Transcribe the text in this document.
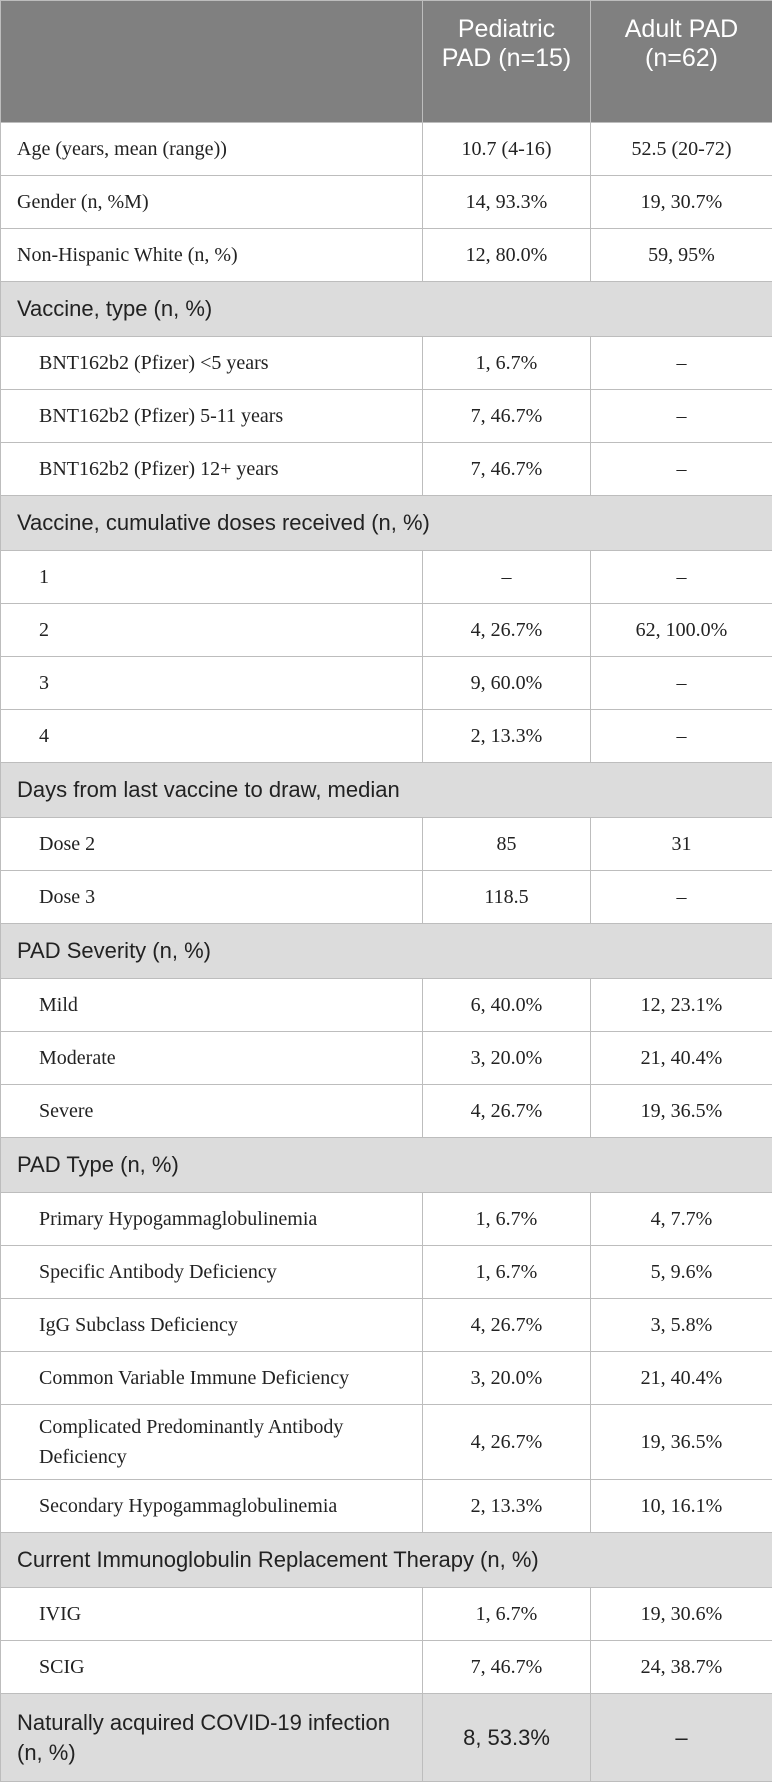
	Pediatric PAD (n=15)	Adult PAD (n=62)
Age (years, mean (range))	10.7 (4-16)	52.5 (20-72)
Gender (n, %M)	14, 93.3%	19, 30.7%
Non-Hispanic White (n, %)	12, 80.0%	59, 95%
Vaccine, type (n, %)		
BNT162b2 (Pfizer) <5 years	1, 6.7%	–
BNT162b2 (Pfizer) 5-11 years	7, 46.7%	–
BNT162b2 (Pfizer) 12+ years	7, 46.7%	–
Vaccine, cumulative doses received (n, %)		
1	–	–
2	4, 26.7%	62, 100.0%
3	9, 60.0%	–
4	2, 13.3%	–
Days from last vaccine to draw, median		
Dose 2	85	31
Dose 3	118.5	–
PAD Severity (n, %)		
Mild	6, 40.0%	12, 23.1%
Moderate	3, 20.0%	21, 40.4%
Severe	4, 26.7%	19, 36.5%
PAD Type (n, %)		
Primary Hypogammaglobulinemia	1, 6.7%	4, 7.7%
Specific Antibody Deficiency	1, 6.7%	5, 9.6%
IgG Subclass Deficiency	4, 26.7%	3, 5.8%
Common Variable Immune Deficiency	3, 20.0%	21, 40.4%
Complicated Predominantly Antibody Deficiency	4, 26.7%	19, 36.5%
Secondary Hypogammaglobulinemia	2, 13.3%	10, 16.1%
Current Immunoglobulin Replacement Therapy (n, %)		
IVIG	1, 6.7%	19, 30.6%
SCIG	7, 46.7%	24, 38.7%
Naturally acquired COVID-19 infection (n, %)	8, 53.3%	–
